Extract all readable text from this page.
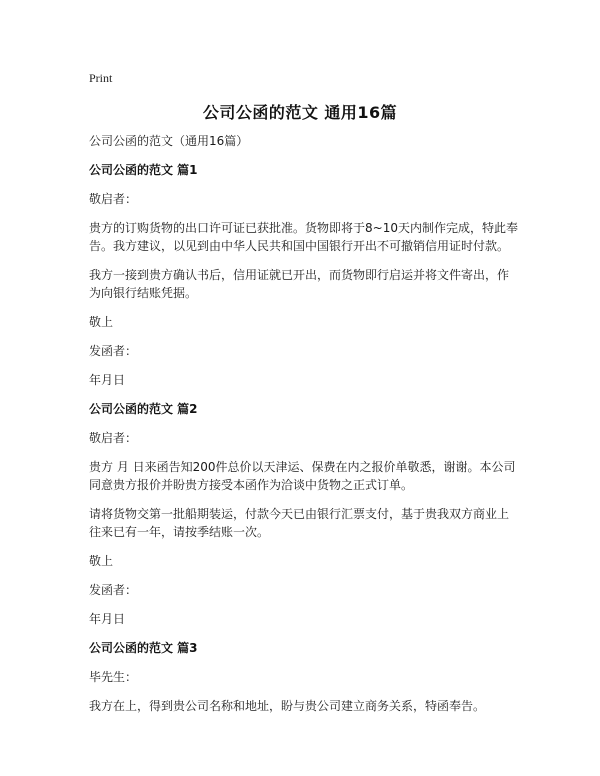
Print
公司公函的范文 通用16篇

公司公函的范文（通用16篇）

公司公函的范文 篇1

敬启者：

贵方的订购货物的出口许可证已获批准。货物即将于8~10天内制作完成，特此奉告。我方建议，以见到由中华人民共和国中国银行开出不可撤销信用证时付款。

我方一接到贵方确认书后，信用证就已开出，而货物即行启运并将文件寄出，作为向银行结账凭据。

敬上

发函者：

年月日

公司公函的范文 篇2

敬启者：

贵方 月 日来函告知200件总价以天津运、保费在内之报价单敬悉，谢谢。本公司同意贵方报价并盼贵方接受本函作为洽谈中货物之正式订单。

请将货物交第一批船期装运，付款今天已由银行汇票支付，基于贵我双方商业上往来已有一年，请按季结账一次。

敬上

发函者：

年月日

公司公函的范文 篇3

毕先生：

我方在上，得到贵公司名称和地址，盼与贵公司建立商务关系，特函奉告。
